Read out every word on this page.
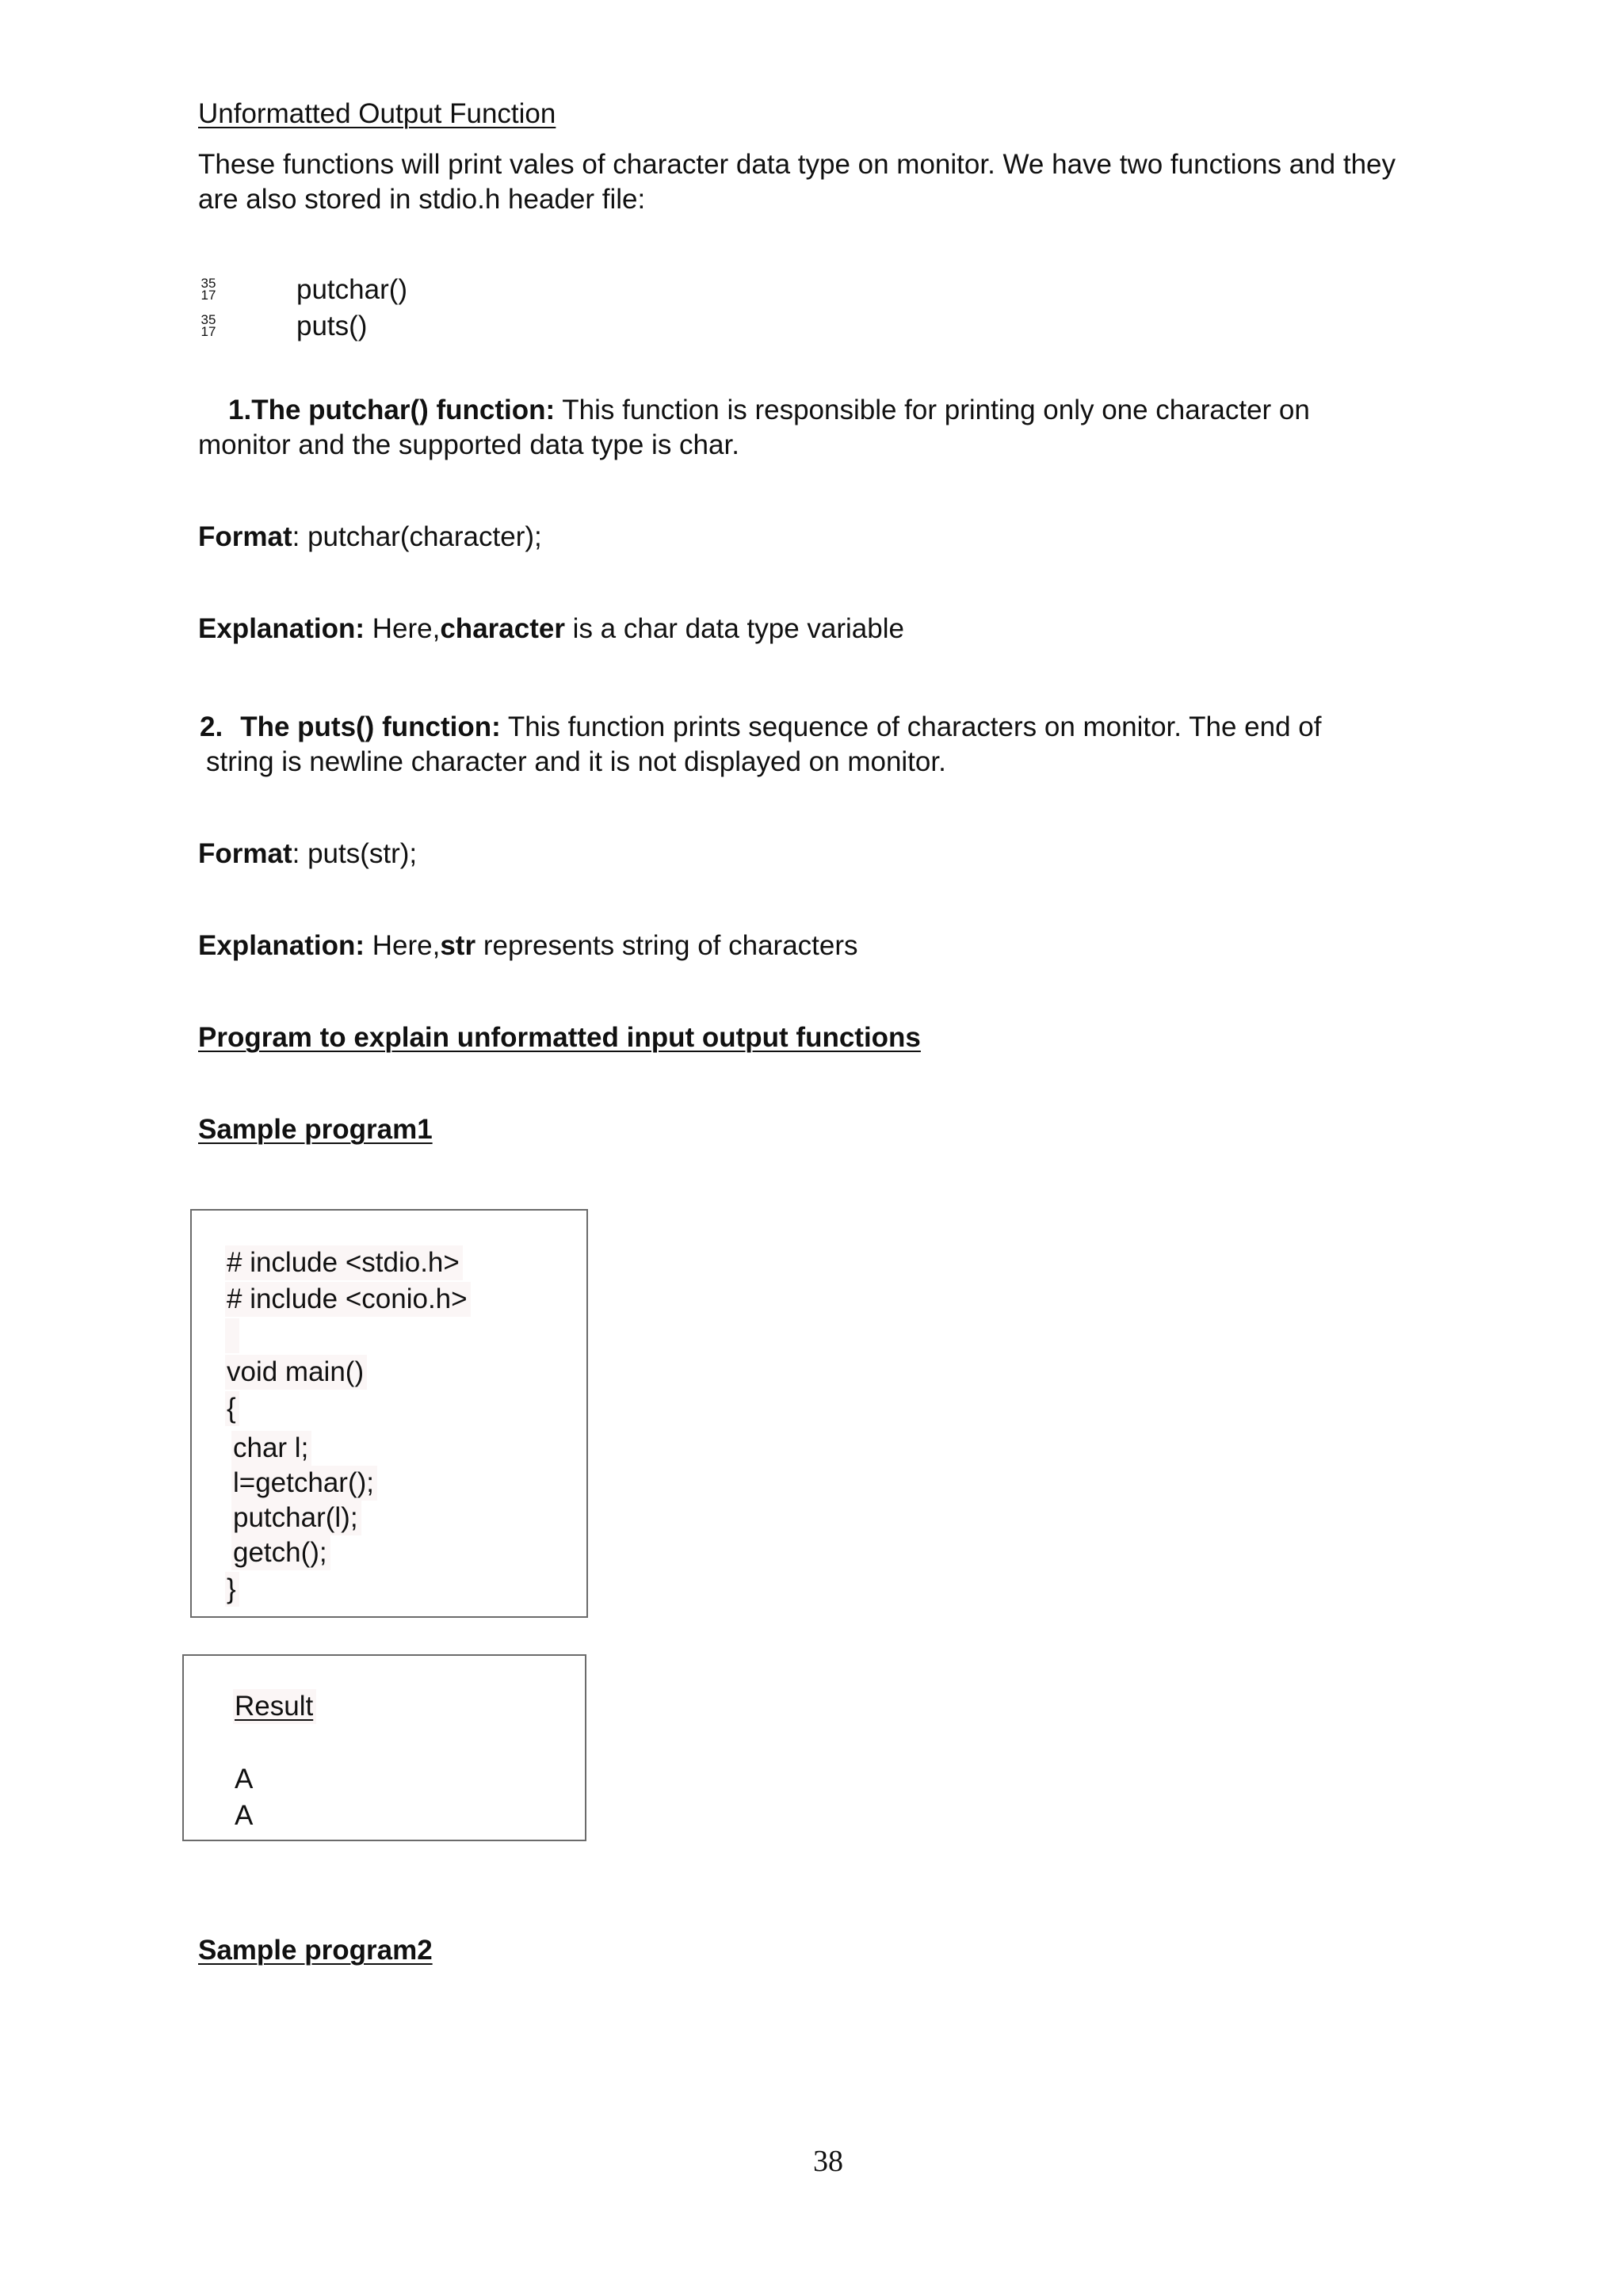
Unformatted Output Function
These functions will print vales of character data type on monitor. We have two functions and they
are also stored in stdio.h header file:
35
17	putchar()
35
17	puts()
1.The putchar() function: This function is responsible for printing only one character on
monitor and the supported data type is char.
Format: putchar(character);
Explanation: Here,character is a char data type variable
2. The puts() function: This function prints sequence of characters on monitor. The end of
string is newline character and it is not displayed on monitor.
Format: puts(str);
Explanation: Here,str represents string of characters
Program to explain unformatted input output functions
Sample program1
# include <stdio.h>
# include <conio.h>
void main()
{
char l;
l=getchar();
putchar(l);
getch();
}
Result
A
A
Sample program2
38
